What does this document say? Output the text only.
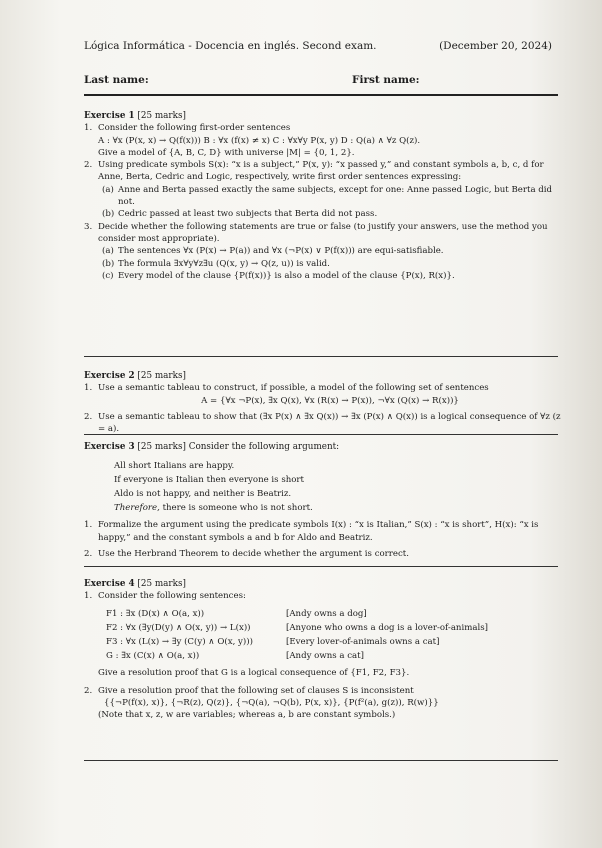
Lógica Informática - Docencia en inglés. Second exam.	(December 20, 2024)
Last name:	First name:
Exercise 1 [25 marks]
1. Consider the following first-order sentences
A : ∀x (P(x, x) → Q(f(x))) B : ∀x (f(x) ≠ x) C : ∀x∀y P(x, y) D : Q(a) ∧ ∀z Q(z).
Give a model of {A, B, C, D} with universe |M| = {0, 1, 2}.
2. Using predicate symbols S(x): “x is a subject,” P(x, y): “x passed y,” and constant symbols a, b, c, d for Anne, Berta, Cedric and Logic, respectively, write first order sentences expressing:
(a) Anne and Berta passed exactly the same subjects, except for one: Anne passed Logic, but Berta did not.
(b) Cedric passed at least two subjects that Berta did not pass.
3. Decide whether the following statements are true or false (to justify your answers, use the method you consider most appropriate).
(a) The sentences ∀x (P(x) → P(a)) and ∀x (¬P(x) ∨ P(f(x))) are equi-satisfiable.
(b) The formula ∃x∀y∀z∃u (Q(x, y) → Q(z, u)) is valid.
(c) Every model of the clause {P(f(x))} is also a model of the clause {P(x), R(x)}.
Exercise 2 [25 marks]
1. Use a semantic tableau to construct, if possible, a model of the following set of sentences
A = {∀x ¬P(x), ∃x Q(x), ∀x (R(x) → P(x)), ¬∀x (Q(x) → R(x))}
2. Use a semantic tableau to show that (∃x P(x) ∧ ∃x Q(x)) → ∃x (P(x) ∧ Q(x)) is a logical consequence of ∀z (z = a).
Exercise 3 [25 marks] Consider the following argument:
All short Italians are happy.
If everyone is Italian then everyone is short
Aldo is not happy, and neither is Beatriz.
Therefore, there is someone who is not short.
1. Formalize the argument using the predicate symbols I(x) : “x is Italian,” S(x) : “x is short”, H(x): “x is happy,” and the constant symbols a and b for Aldo and Beatriz.
2. Use the Herbrand Theorem to decide whether the argument is correct.
Exercise 4 [25 marks]
1. Consider the following sentences:
F1 : ∃x (D(x) ∧ O(a, x))	[Andy owns a dog]
F2 : ∀x (∃y(D(y) ∧ O(x, y)) → L(x))	[Anyone who owns a dog is a lover-of-animals]
F3 : ∀x (L(x) → ∃y (C(y) ∧ O(x, y)))	[Every lover-of-animals owns a cat]
G : ∃x (C(x) ∧ O(a, x))	[Andy owns a cat]
Give a resolution proof that G is a logical consequence of {F1, F2, F3}.
2. Give a resolution proof that the following set of clauses S is inconsistent
{{¬P(f(x), x)}, {¬R(z), Q(z)}, {¬Q(a), ¬Q(b), P(x, x)}, {P(f²(a), g(z)), R(w)}}
(Note that x, z, w are variables; whereas a, b are constant symbols.)
